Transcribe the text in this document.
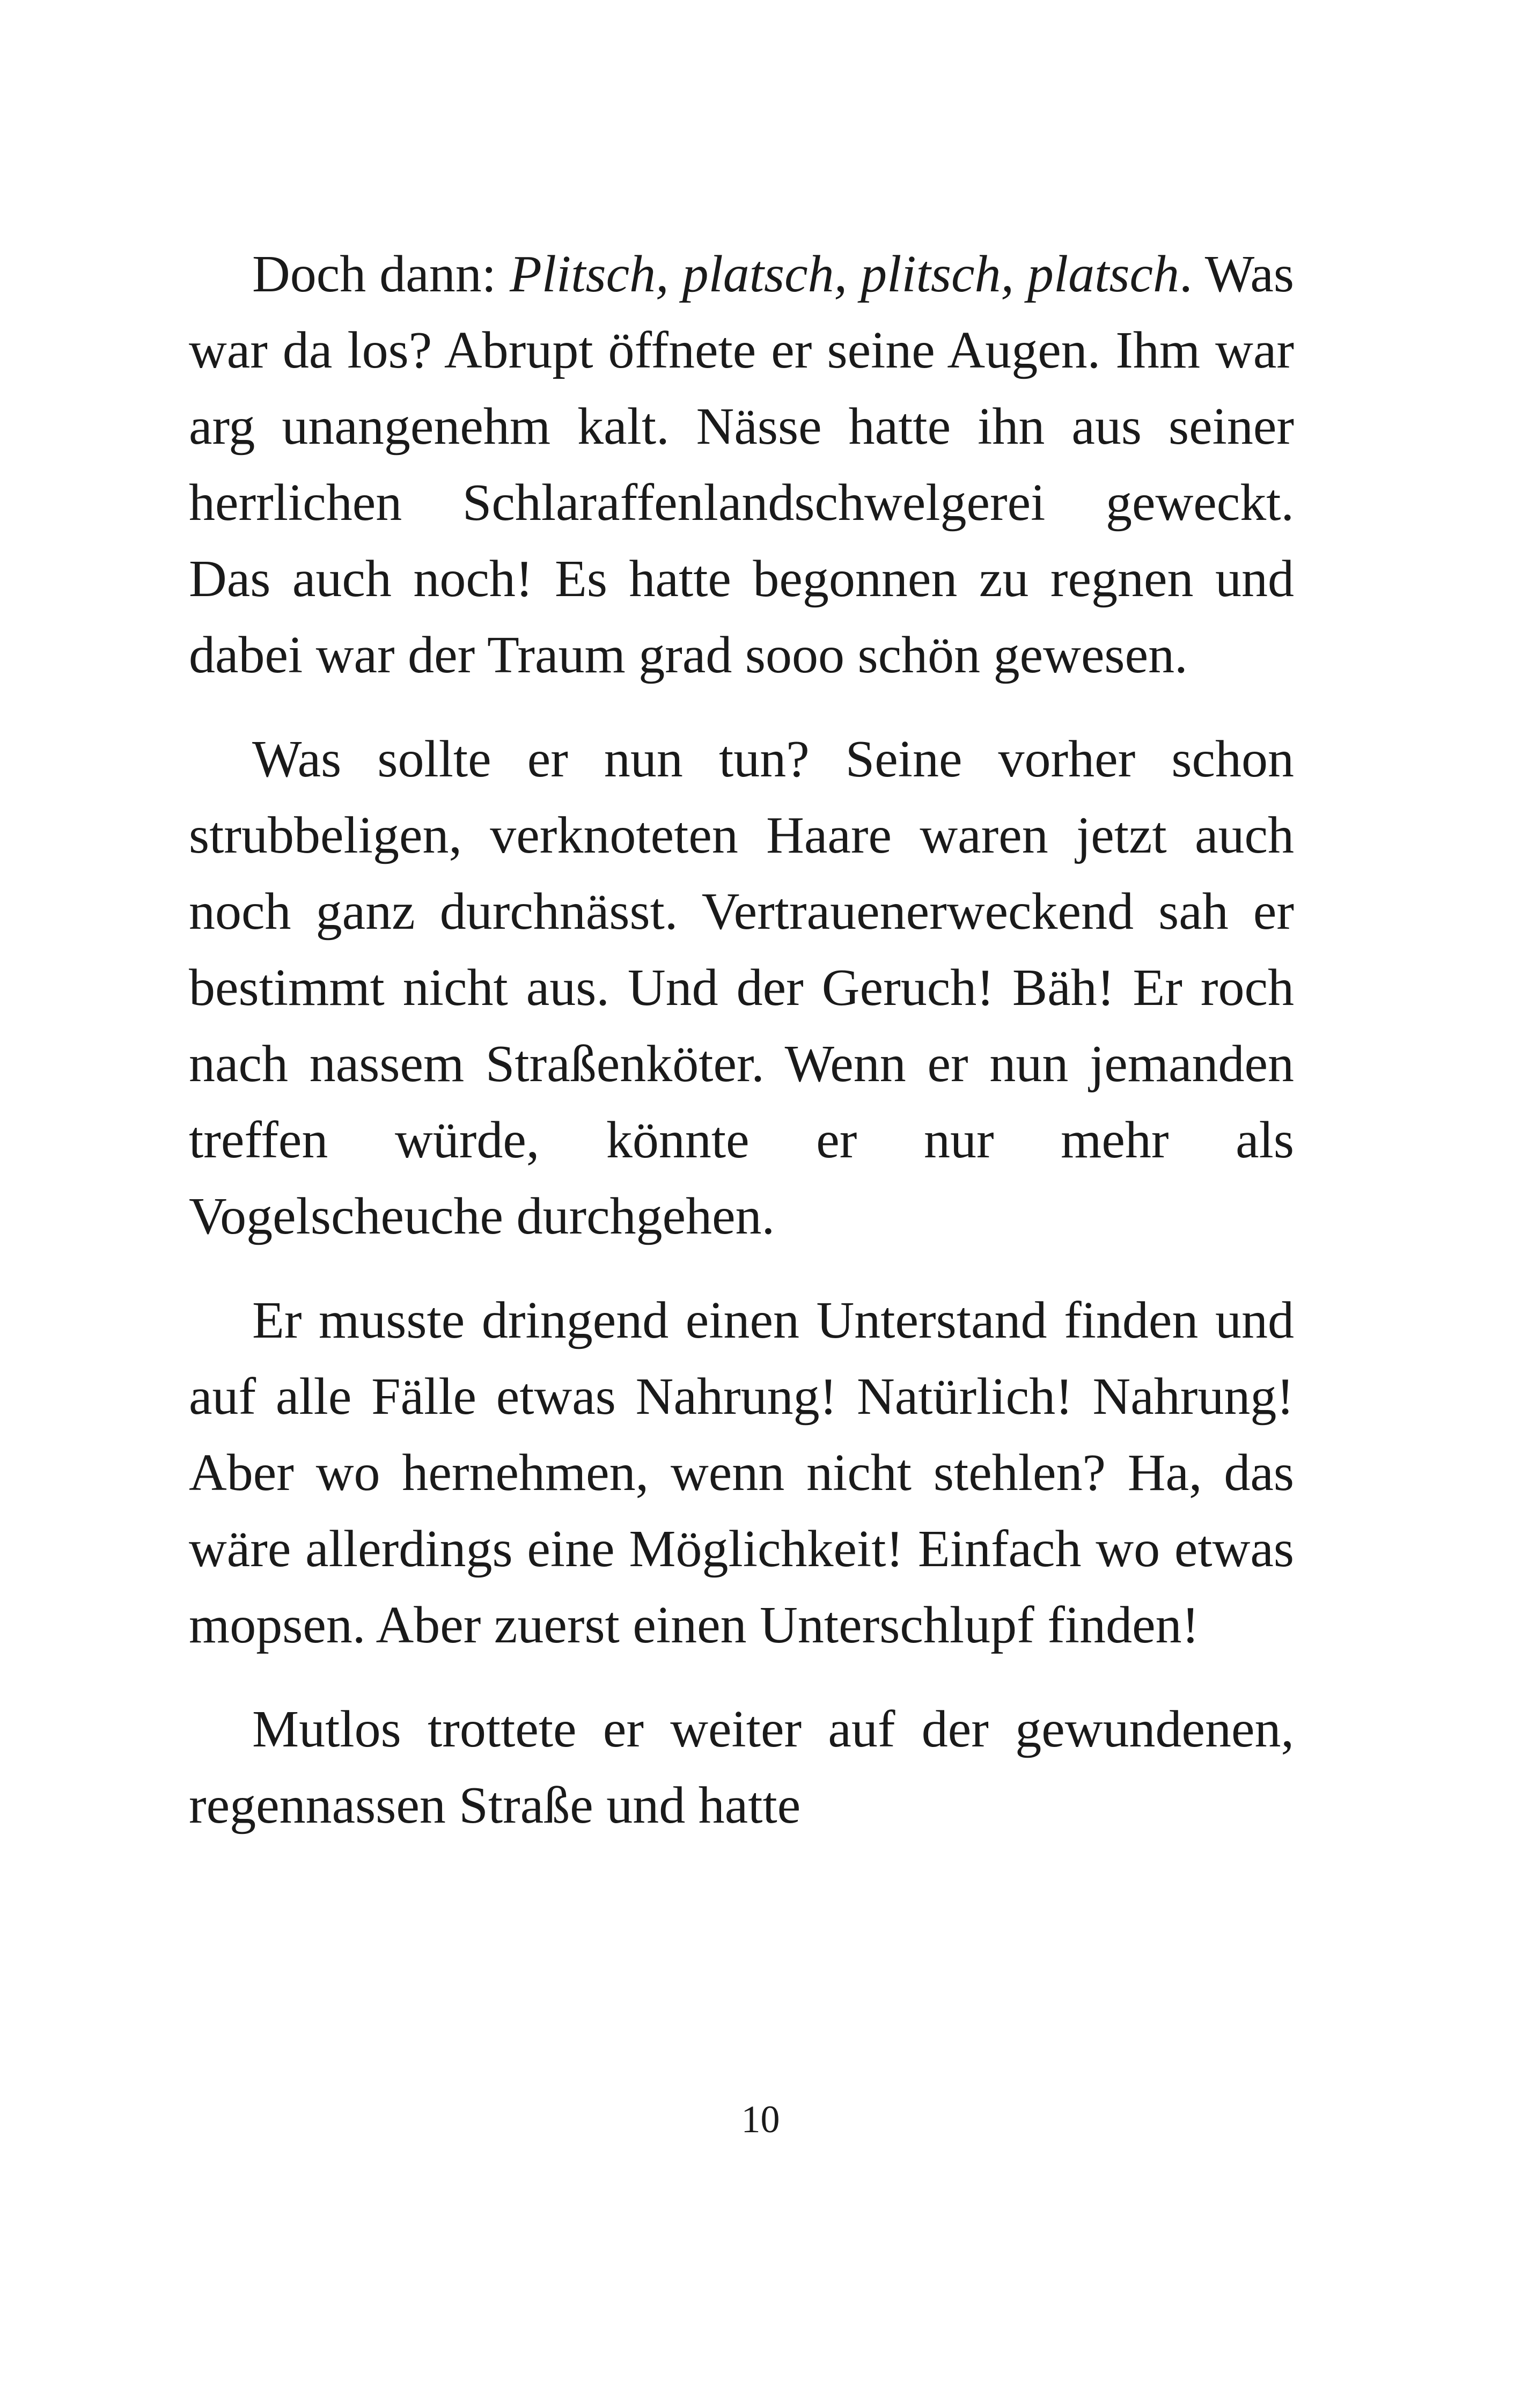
Doch dann: Plitsch, platsch, plitsch, platsch. Was war da los? Abrupt öffnete er seine Augen. Ihm war arg unangenehm kalt. Nässe hatte ihn aus seiner herrlichen Schlaraffenlandschwelgerei geweckt. Das auch noch! Es hatte begonnen zu regnen und dabei war der Traum grad sooo schön gewesen.

Was sollte er nun tun? Seine vorher schon strubbeligen, verknoteten Haare waren jetzt auch noch ganz durchnässt. Vertrauenerweckend sah er bestimmt nicht aus. Und der Geruch! Bäh! Er roch nach nassem Straßenköter. Wenn er nun jemanden treffen würde, könnte er nur mehr als Vogelscheuche durchgehen.

Er musste dringend einen Unterstand finden und auf alle Fälle etwas Nahrung! Natürlich! Nahrung! Aber wo hernehmen, wenn nicht stehlen? Ha, das wäre allerdings eine Möglichkeit! Einfach wo etwas mopsen. Aber zuerst einen Unterschlupf finden!

Mutlos trottete er weiter auf der gewundenen, regennassen Straße und hatte

10
